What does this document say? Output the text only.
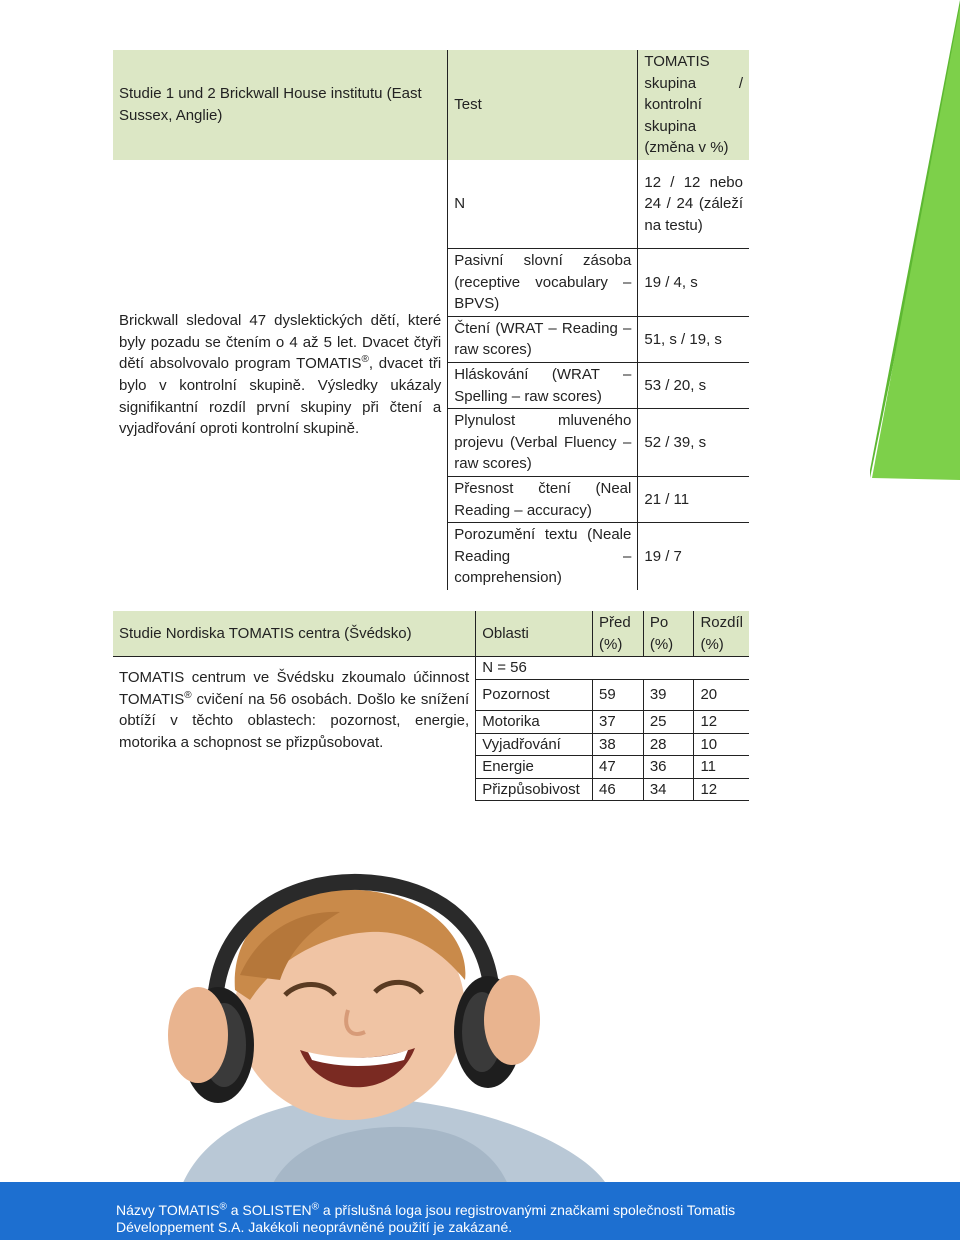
Studie 1 und 2 Brickwall House institutu (East Sussex, Anglie)	Test	TOMATIS skupina / kontrolní skupina (změna v %)
Brickwall sledoval 47 dyslektických dětí, které byly pozadu se čtením o 4 až 5 let. Dvacet čtyři dětí absolvovalo program TOMATIS®, dvacet tři bylo v kontrolní skupině. Výsledky ukázaly signifikantní rozdíl první skupiny při čtení a vyjadřování oproti kontrolní skupině.	N	12 / 12 nebo 24 / 24 (záleží na testu)
	Pasivní slovní zásoba (receptive vocabulary – BPVS)	19 / 4, s
	Čtení (WRAT – Reading – raw scores)	51, s / 19, s
	Hláskování (WRAT – Spelling – raw scores)	53 / 20, s
	Plynulost mluveného projevu (Verbal Fluency – raw scores)	52 / 39, s
	Přesnost čtení (Neal Reading – accuracy)	21 / 11
	Porozumění textu (Neale Reading – comprehension)	19 / 7
Studie Nordiska TOMATIS centra (Švédsko)	Oblasti	Před (%)	Po (%)	Rozdíl (%)
TOMATIS centrum ve Švédsku zkoumalo účinnost TOMATIS® cvičení na 56 osobách. Došlo ke snížení obtíží v těchto oblastech: pozornost, energie, motorika a schopnost se přizpůsobovat.	N = 56			
	Pozornost	59	39	20
	Motorika	37	25	12
	Vyjadřování	38	28	10
	Energie	47	36	11
	Přizpůsobivost	46	34	12
Názvy TOMATIS® a SOLISTEN® a příslušná loga jsou registrovanými značkami společnosti Tomatis Développement S.A. Jakékoli neoprávněné použití je zakázané.
